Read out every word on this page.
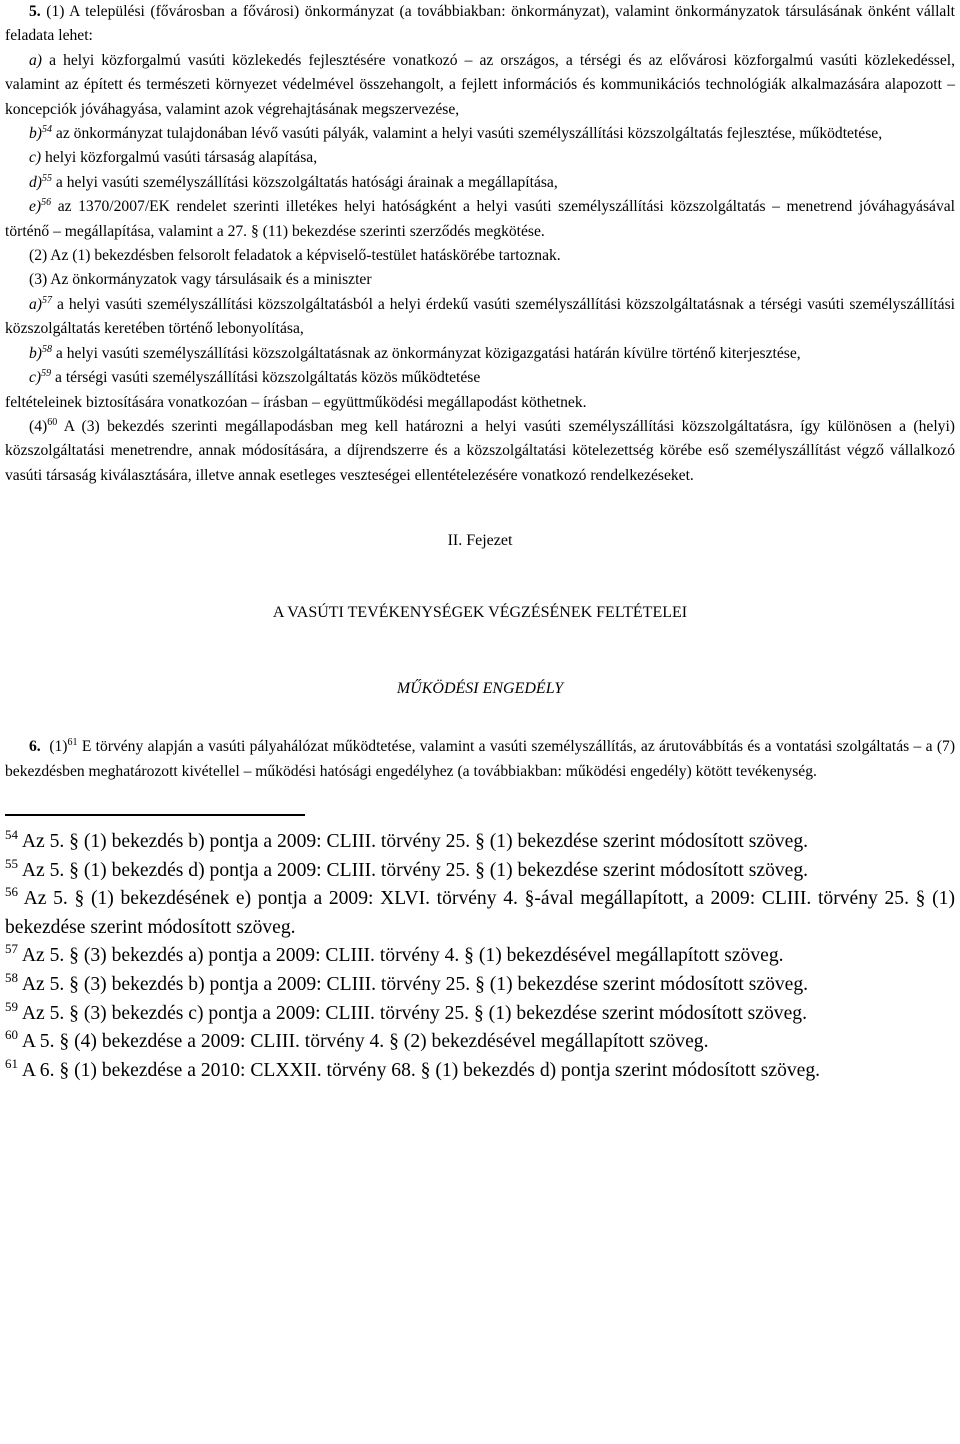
5. (1) A települési (fővárosban a fővárosi) önkormányzat (a továbbiakban: önkormányzat), valamint önkormányzatok társulásának önként vállalt feladata lehet:

a) a helyi közforgalmú vasúti közlekedés fejlesztésére vonatkozó – az országos, a térségi és az elővárosi közforgalmú vasúti közlekedéssel, valamint az épített és természeti környezet védelmével összehangolt, a fejlett információs és kommunikációs technológiák alkalmazására alapozott – koncepciók jóváhagyása, valamint azok végrehajtásának megszervezése,

b)$^{54}$ az önkormányzat tulajdonában lévő vasúti pályák, valamint a helyi vasúti személyszállítási közszolgáltatás fejlesztése, működtetése,

c) helyi közforgalmú vasúti társaság alapítása,

d)$^{55}$ a helyi vasúti személyszállítási közszolgáltatás hatósági árainak a megállapítása,

e)$^{56}$ az 1370/2007/EK rendelet szerinti illetékes helyi hatóságként a helyi vasúti személyszállítási közszolgáltatás – menetrend jóváhagyásával történő – megállapítása, valamint a 27. § (11) bekezdése szerinti szerződés megkötése.

(2) Az (1) bekezdésben felsorolt feladatok a képviselő-testület hatáskörébe tartoznak.

(3) Az önkormányzatok vagy társulásaik és a miniszter

a)$^{57}$ a helyi vasúti személyszállítási közszolgáltatásból a helyi érdekű vasúti személyszállítási közszolgáltatásnak a térségi vasúti személyszállítási közszolgáltatás keretében történő lebonyolítása,

b)$^{58}$ a helyi vasúti személyszállítási közszolgáltatásnak az önkormányzat közigazgatási határán kívülre történő kiterjesztése,

c)$^{59}$ a térségi vasúti személyszállítási közszolgáltatás közös működtetése

feltételeinek biztosítására vonatkozóan – írásban – együttműködési megállapodást köthetnek.

$(4)^{60}$ A (3) bekezdés szerinti megállapodásban meg kell határozni a helyi vasúti személyszállítási közszolgáltatásra, így különösen a (helyi) közszolgáltatási menetrendre, annak módosítására, a díjrendszerre és a közszolgáltatási kötelezettség körébe eső személyszállítást végző vállalkozó vasúti társaság kiválasztására, illetve annak esetleges veszteségei ellentételezésére vonatkozó rendelkezéseket.

II. Fejezet
A VASÚTI TEVÉKENYSÉGEK VÉGZÉSÉNEK FELTÉTELEI
MŰKÖDÉSI ENGEDÉLY

6. $(1)^{61}$ E törvény alapján a vasúti pályahálózat működtetése, valamint a vasúti személyszállítás, az árutovábbítás és a vontatási szolgáltatás – a (7) bekezdésben meghatározott kivétellel – működési hatósági engedélyhez (a továbbiakban: működési engedély) kötött tevékenység.

$^{54}$ Az 5. § (1) bekezdés b) pontja a 2009: CLIII. törvény 25. § (1) bekezdése szerint módosított szöveg.

$^{55}$ Az 5. § (1) bekezdés d) pontja a 2009: CLIII. törvény 25. § (1) bekezdése szerint módosított szöveg.

$^{56}$ Az 5. § (1) bekezdésének e) pontja a 2009: XLVI. törvény 4. §-ával megállapított, a 2009: CLIII. törvény 25. § (1) bekezdése szerint módosított szöveg.

$^{57}$ Az 5. § (3) bekezdés a) pontja a 2009: CLIII. törvény 4. § (1) bekezdésével megállapított szöveg.

$^{58}$ Az 5. § (3) bekezdés b) pontja a 2009: CLIII. törvény 25. § (1) bekezdése szerint módosított szöveg.

$^{59}$ Az 5. § (3) bekezdés c) pontja a 2009: CLIII. törvény 25. § (1) bekezdése szerint módosított szöveg.

$^{60}$ A 5. § (4) bekezdése a 2009: CLIII. törvény 4. § (2) bekezdésével megállapított szöveg.

$^{61}$ A 6. § (1) bekezdése a 2010: CLXXII. törvény 68. § (1) bekezdés d) pontja szerint módosított szöveg.
